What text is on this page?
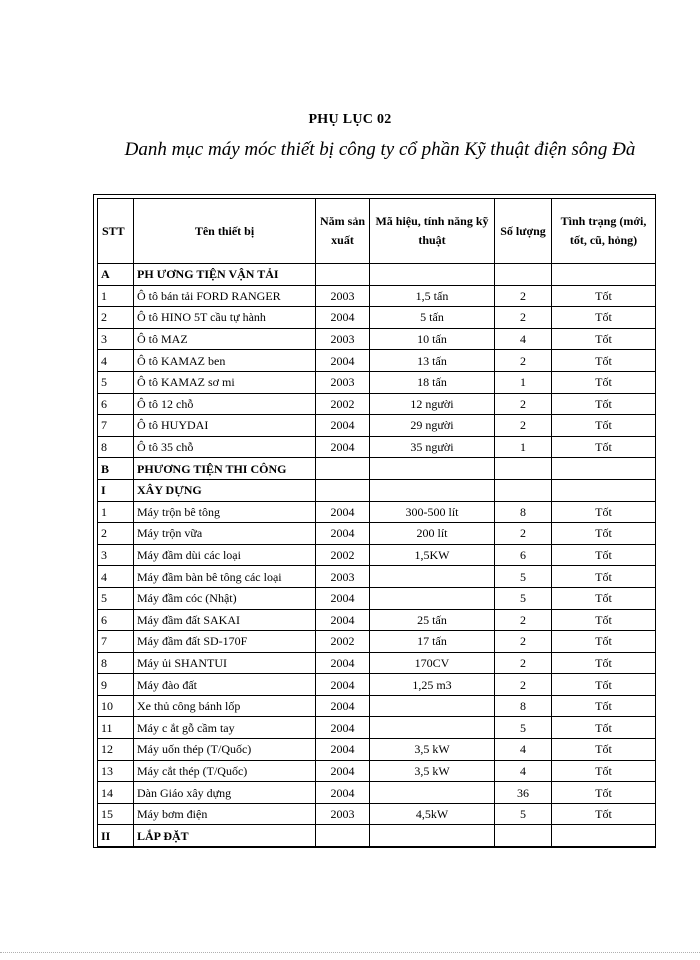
PHỤ LỤC 02
Danh mục máy móc thiết bị công ty cổ phần Kỹ thuật điện sông Đà
STT	Tên thiết bị	Năm sản xuất	Mã hiệu, tính năng kỹ thuật	Số lượng	Tình trạng (mới, tốt, cũ, hỏng)
A	PH ƯƠNG TIỆN VẬN TẢI				
1	Ô tô bán tải FORD RANGER	2003	1,5 tấn	2	Tốt
2	Ô tô HINO 5T cầu tự hành	2004	5 tấn	2	Tốt
3	Ô tô MAZ	2003	10 tấn	4	Tốt
4	Ô tô KAMAZ ben	2004	13 tấn	2	Tốt
5	Ô tô KAMAZ sơ mi	2003	18 tấn	1	Tốt
6	Ô tô 12 chỗ	2002	12 người	2	Tốt
7	Ô tô HUYDAI	2004	29 người	2	Tốt
8	Ô tô 35 chỗ	2004	35 người	1	Tốt
B	PHƯƠNG TIỆN THI CÔNG				
I	XÂY DỰNG				
1	Máy trộn bê tông	2004	300-500 lít	8	Tốt
2	Máy trộn vữa	2004	200 lít	2	Tốt
3	Máy đầm dùi các loại	2002	1,5KW	6	Tốt
4	Máy đầm bàn bê tông các loại	2003		5	Tốt
5	Máy đầm cóc (Nhật)	2004		5	Tốt
6	Máy đầm đất SAKAI	2004	25 tấn	2	Tốt
7	Máy đầm đất SD-170F	2002	17 tấn	2	Tốt
8	Máy ủi SHANTUI	2004	170CV	2	Tốt
9	Máy đào đất	2004	1,25 m3	2	Tốt
10	Xe thủ công bánh lốp	2004		8	Tốt
11	Máy c ắt gỗ cầm tay	2004		5	Tốt
12	Máy uốn thép (T/Quốc)	2004	3,5 kW	4	Tốt
13	Máy cắt thép (T/Quốc)	2004	3,5 kW	4	Tốt
14	Dàn Giáo xây dựng	2004		36	Tốt
15	Máy bơm điện	2003	4,5kW	5	Tốt
II	LẮP ĐẶT				
